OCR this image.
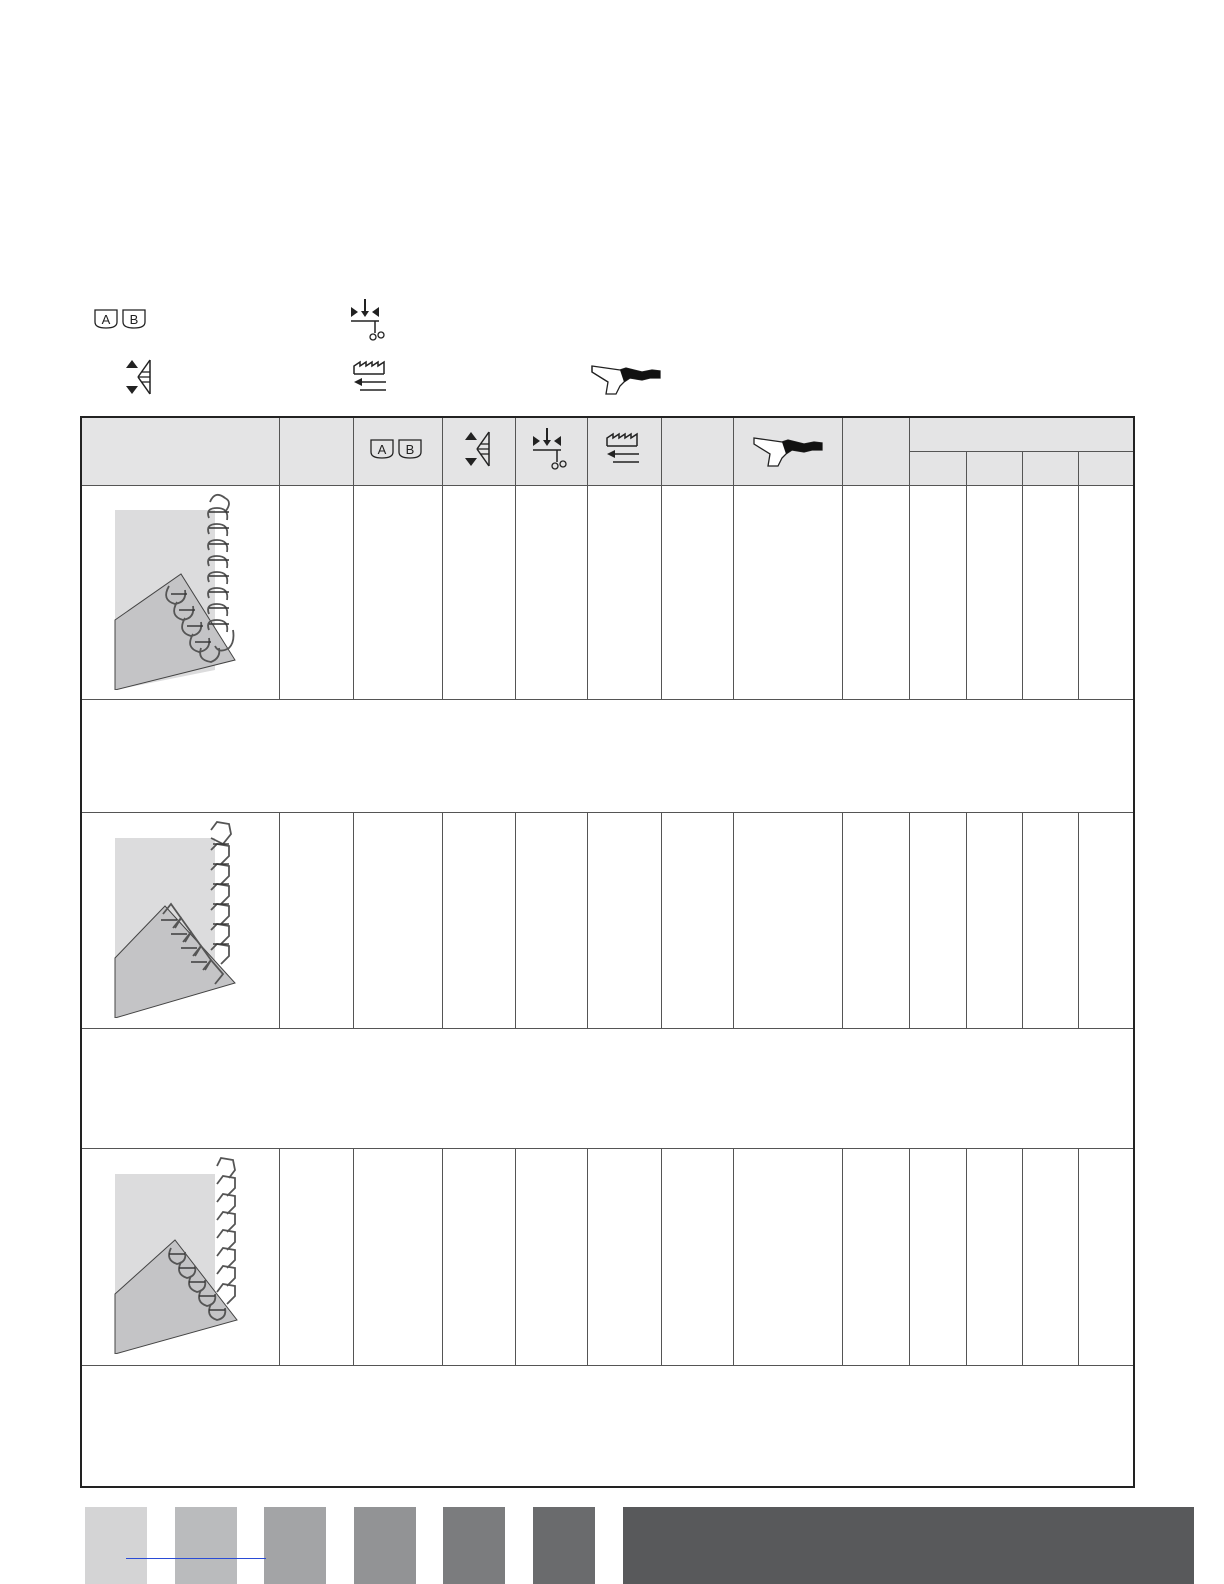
A B

A B
